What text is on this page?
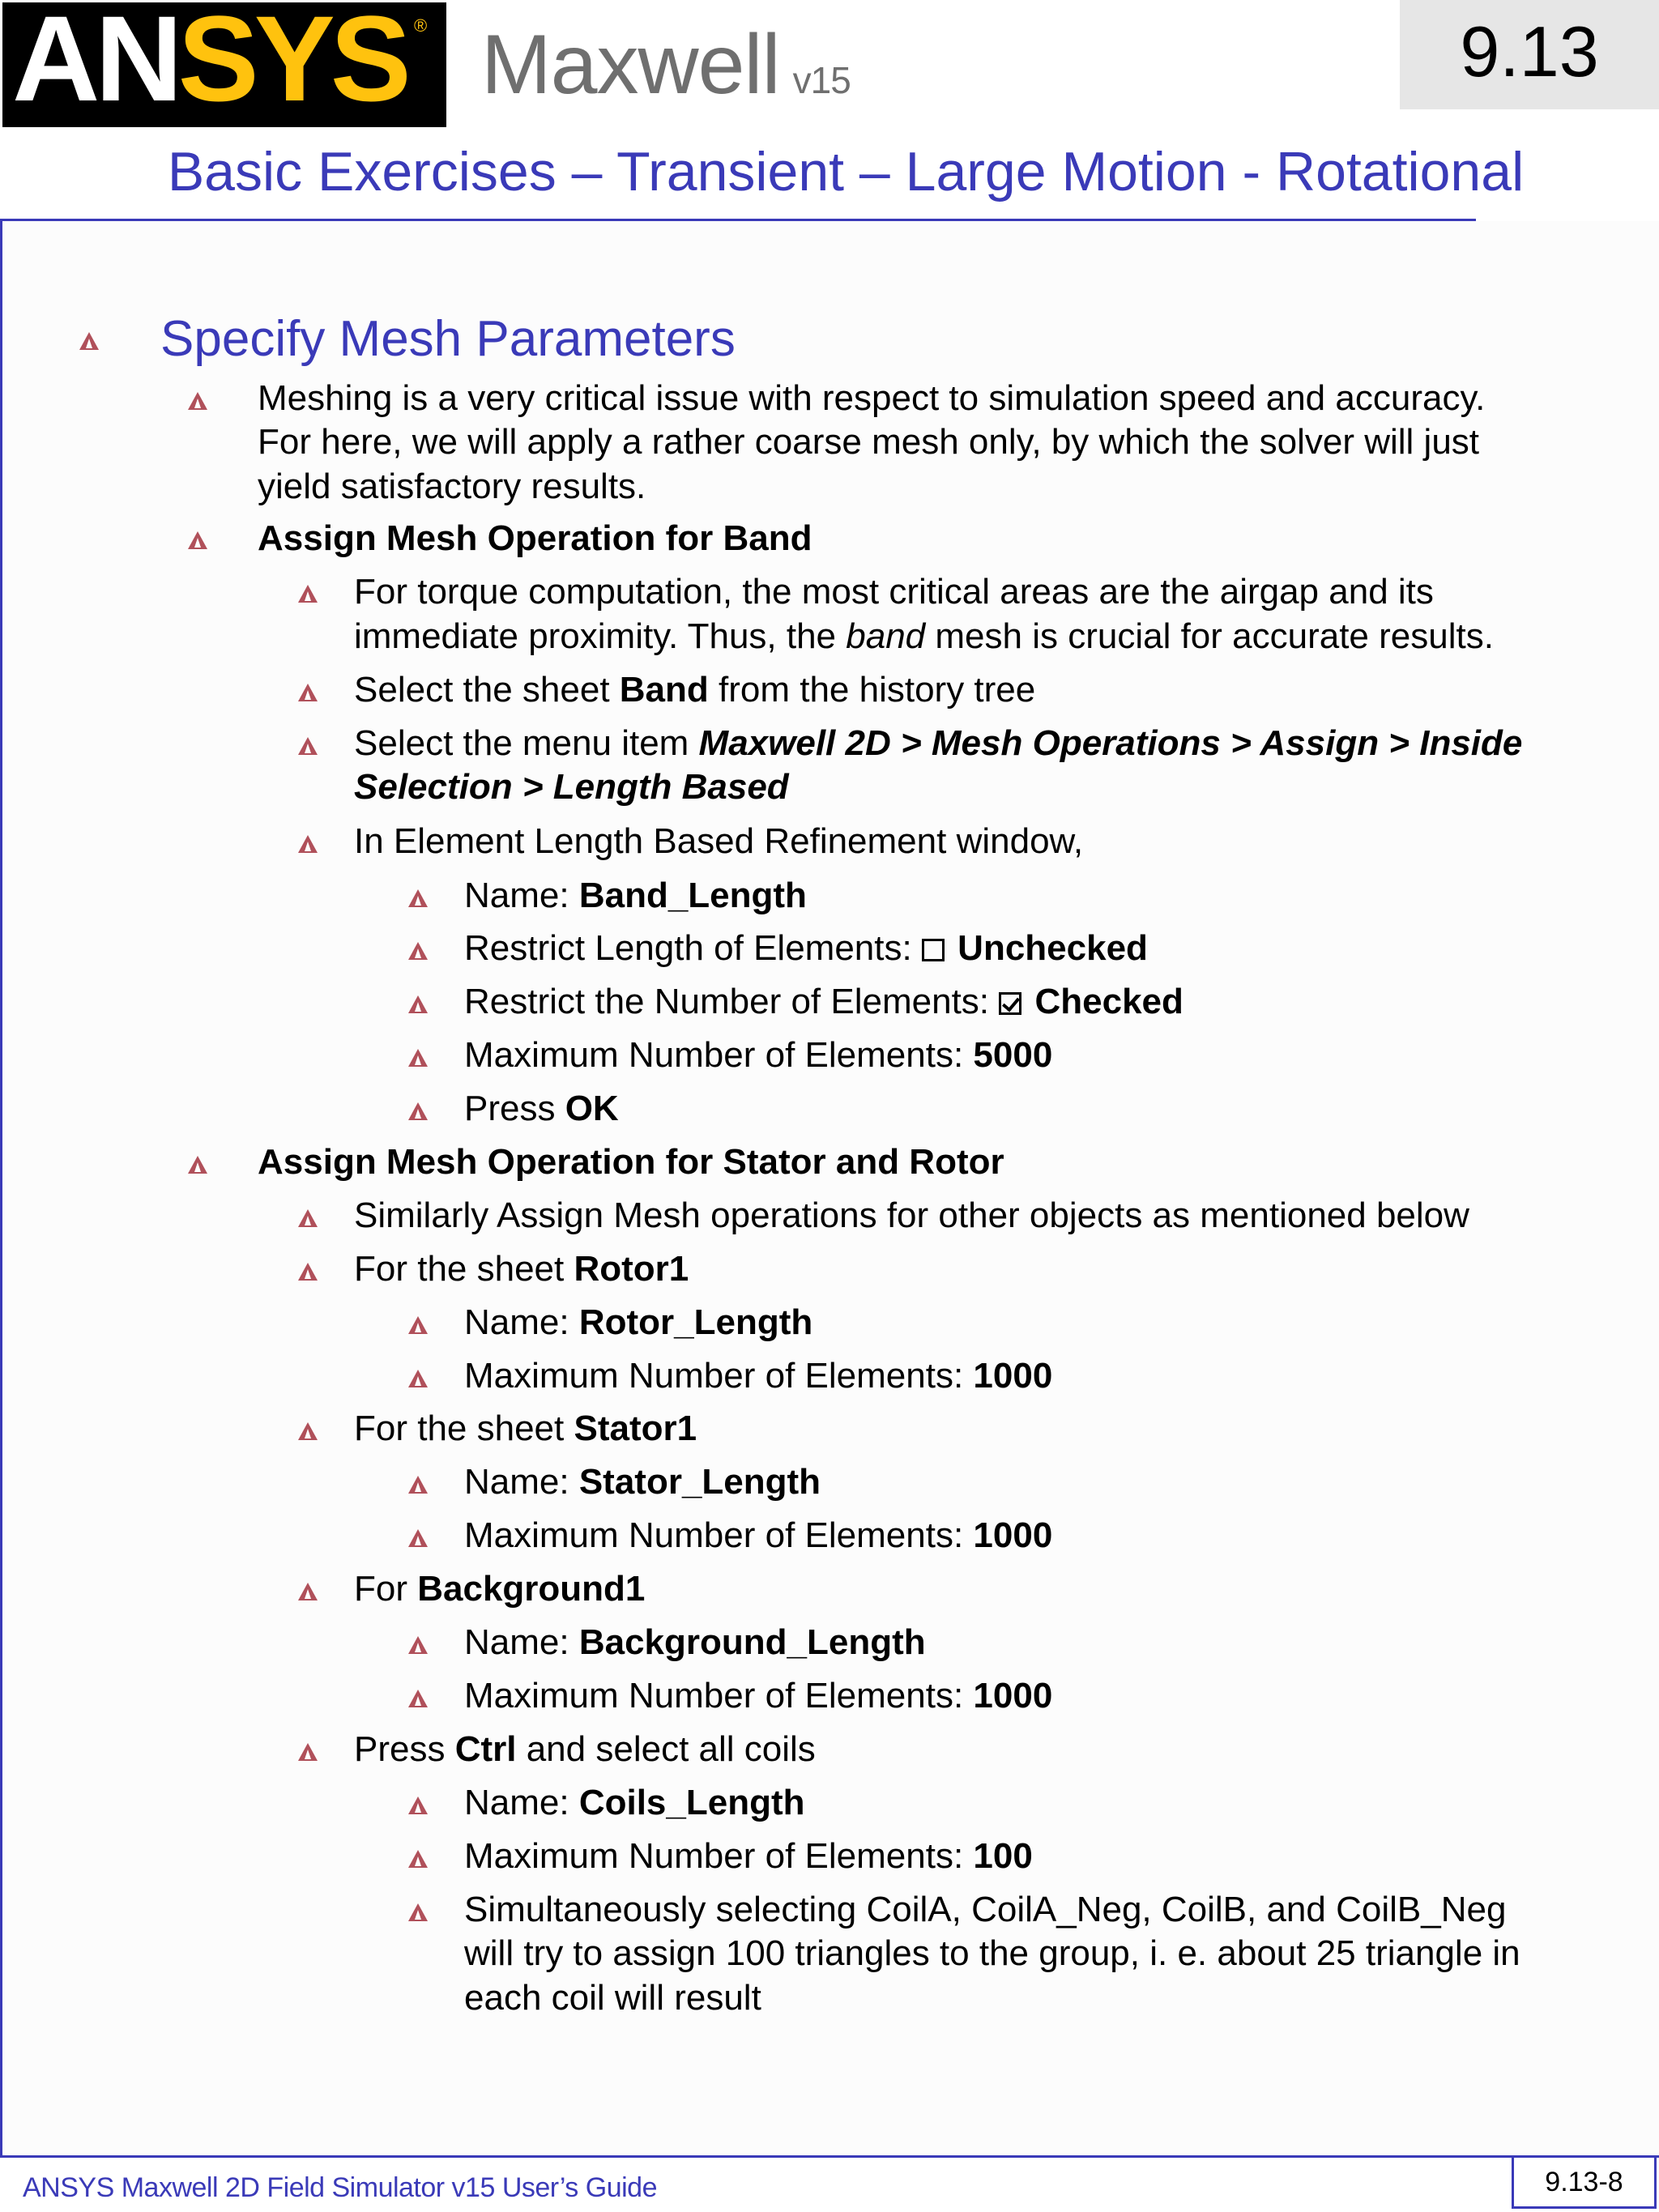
ANSYS ® Maxwell v15	9.13
Basic Exercises – Transient – Large Motion - Rotational
Specify Mesh Parameters
Meshing is a very critical issue with respect to simulation speed and accuracy.
For here, we will apply a rather coarse mesh only, by which the solver will just
yield satisfactory results.
Assign Mesh Operation for Band
For torque computation, the most critical areas are the airgap and its
immediate proximity. Thus, the band mesh is crucial for accurate results.
Select the sheet Band from the history tree
Select the menu item Maxwell 2D > Mesh Operations > Assign > Inside
Selection > Length Based
In Element Length Based Refinement window,
Name: Band_Length
Restrict Length of Elements:  Unchecked
Restrict the Number of Elements:  Checked
Maximum Number of Elements: 5000
Press OK
Assign Mesh Operation for Stator and Rotor
Similarly Assign Mesh operations for other objects as mentioned below
For the sheet Rotor1
Name: Rotor_Length
Maximum Number of Elements: 1000
For the sheet Stator1
Name: Stator_Length
Maximum Number of Elements: 1000
For Background1
Name: Background_Length
Maximum Number of Elements: 1000
Press Ctrl and select all coils
Name: Coils_Length
Maximum Number of Elements: 100
Simultaneously selecting CoilA, CoilA_Neg, CoilB, and CoilB_Neg
will try to assign 100 triangles to the group, i. e. about 25 triangle in
each coil will result
ANSYS Maxwell 2D Field Simulator v15 User’s Guide	9.13-8
